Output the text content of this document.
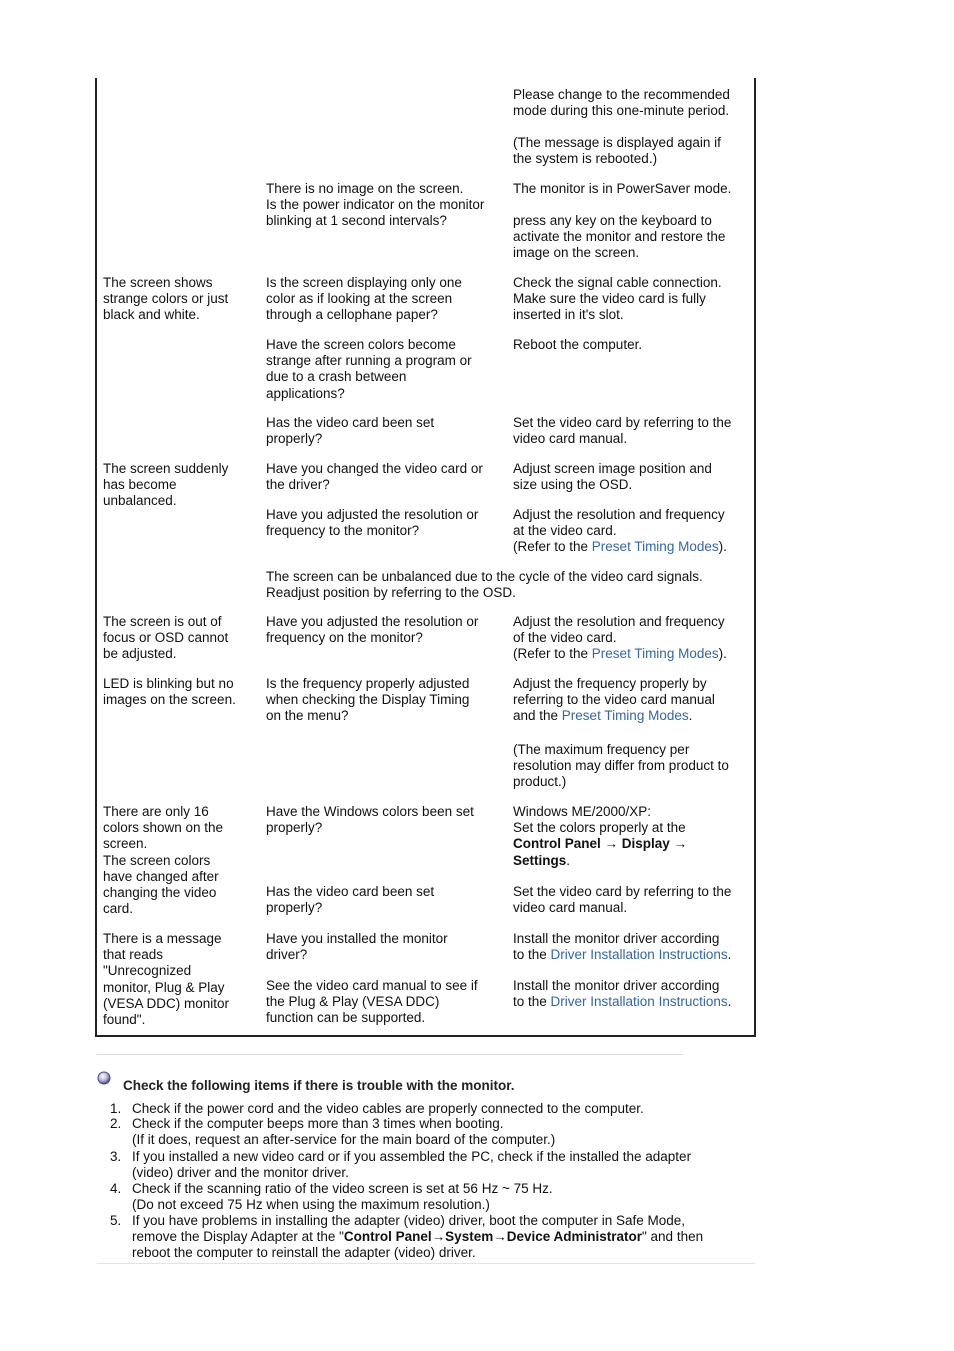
Please change to the recommended
mode during this one-minute period.
(The message is displayed again if
the system is rebooted.)
There is no image on the screen.
Is the power indicator on the monitor
blinking at 1 second intervals?
The monitor is in PowerSaver mode.
press any key on the keyboard to
activate the monitor and restore the
image on the screen.
The screen shows
strange colors or just
black and white.
Is the screen displaying only one
color as if looking at the screen
through a cellophane paper?
Check the signal cable connection.
Make sure the video card is fully
inserted in it's slot.
Have the screen colors become
strange after running a program or
due to a crash between
applications?
Reboot the computer.
Has the video card been set
properly?
Set the video card by referring to the
video card manual.
The screen suddenly
has become
unbalanced.
Have you changed the video card or
the driver?
Adjust screen image position and
size using the OSD.
Have you adjusted the resolution or
frequency to the monitor?
Adjust the resolution and frequency
at the video card.
(Refer to the Preset Timing Modes).
The screen can be unbalanced due to the cycle of the video card signals.
Readjust position by referring to the OSD.
The screen is out of
focus or OSD cannot
be adjusted.
Have you adjusted the resolution or
frequency on the monitor?
Adjust the resolution and frequency
of the video card.
(Refer to the Preset Timing Modes).
LED is blinking but no
images on the screen.
Is the frequency properly adjusted
when checking the Display Timing
on the menu?
Adjust the frequency properly by
referring to the video card manual
and the Preset Timing Modes.
(The maximum frequency per
resolution may differ from product to
product.)
There are only 16
colors shown on the
screen.
The screen colors
have changed after
changing the video
card.
Have the Windows colors been set
properly?
Windows ME/2000/XP:
Set the colors properly at the
Control Panel → Display →
Settings.
Has the video card been set
properly?
Set the video card by referring to the
video card manual.
There is a message
that reads
"Unrecognized
monitor, Plug & Play
(VESA DDC) monitor
found".
Have you installed the monitor
driver?
Install the monitor driver according
to the Driver Installation Instructions.
See the video card manual to see if
the Plug & Play (VESA DDC)
function can be supported.
Install the monitor driver according
to the Driver Installation Instructions.
Check the following items if there is trouble with the monitor.
1. Check if the power cord and the video cables are properly connected to the computer.
2. Check if the computer beeps more than 3 times when booting.
(If it does, request an after-service for the main board of the computer.)
3. If you installed a new video card or if you assembled the PC, check if the installed the adapter
(video) driver and the monitor driver.
4. Check if the scanning ratio of the video screen is set at 56 Hz ~ 75 Hz.
(Do not exceed 75 Hz when using the maximum resolution.)
5. If you have problems in installing the adapter (video) driver, boot the computer in Safe Mode,
remove the Display Adapter at the "Control Panel→System→Device Administrator" and then
reboot the computer to reinstall the adapter (video) driver.
